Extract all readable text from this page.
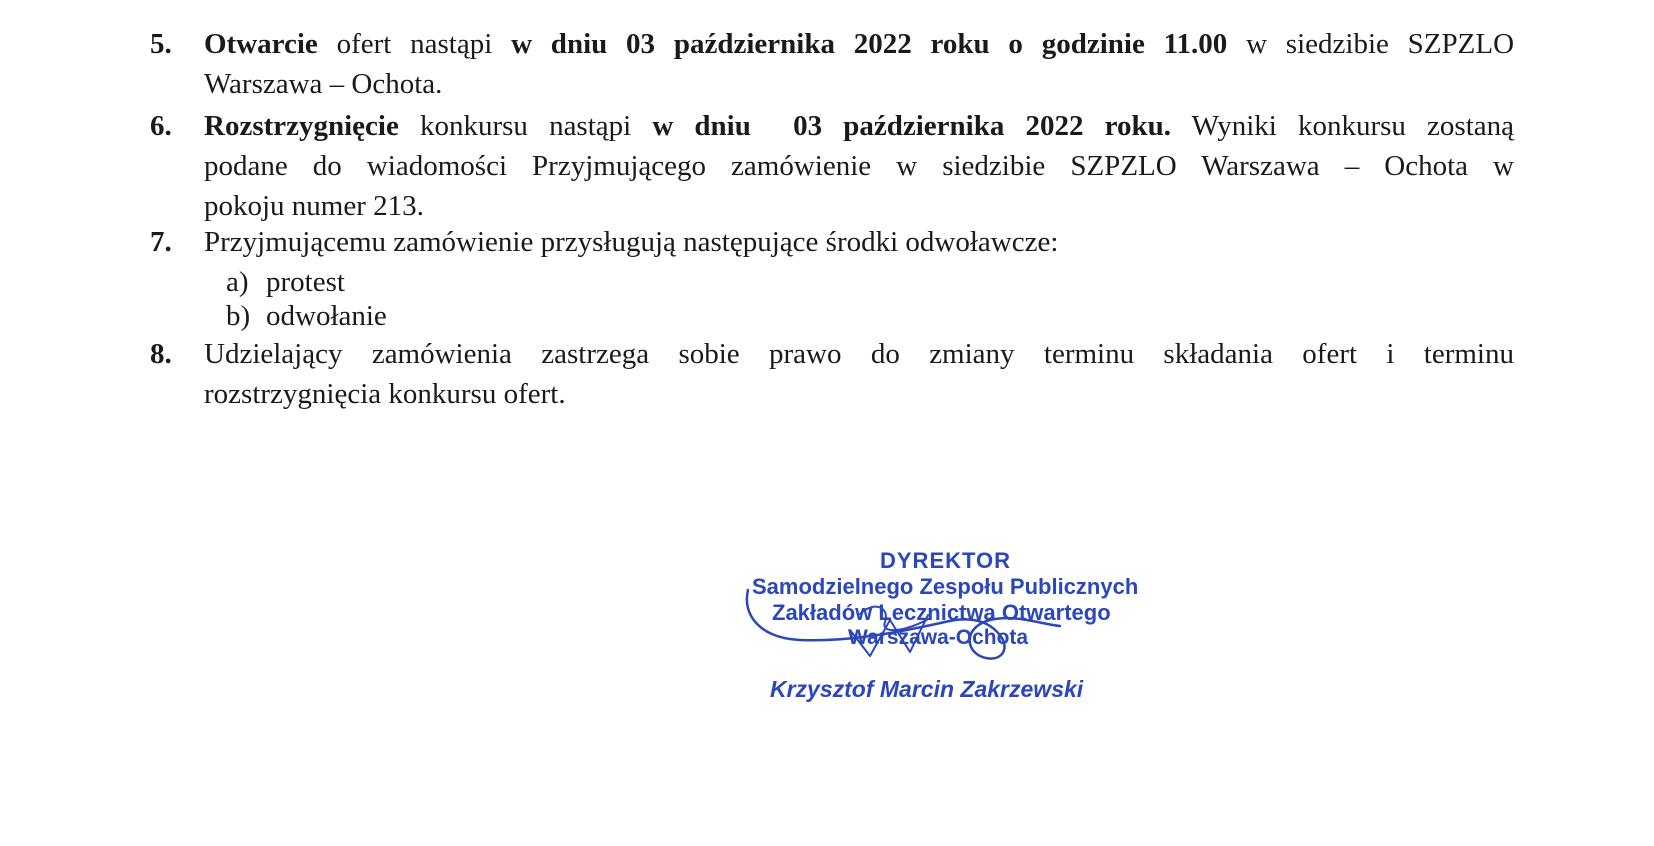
5.	Otwarcie ofert nastąpi w dniu 03 października 2022 roku o godzinie 11.00 w siedzibie SZPZLO
Warszawa – Ochota.
6.	Rozstrzygnięcie konkursu nastąpi w dniu  03 października 2022 roku. Wyniki konkursu zostaną
podane do wiadomości Przyjmującego zamówienie w siedzibie SZPZLO Warszawa – Ochota w
pokoju numer 213.
7.	Przyjmującemu zamówienie przysługują następujące środki odwoławcze:
a) protest
b) odwołanie
8.	Udzielający zamówienia zastrzega sobie prawo do zmiany terminu składania ofert i terminu
rozstrzygnięcia konkursu ofert.
DYREKTOR
Samodzielnego Zespołu Publicznych
Zakładów Lecznictwa Otwartego
Warszawa-Ochota
Krzysztof Marcin Zakrzewski
